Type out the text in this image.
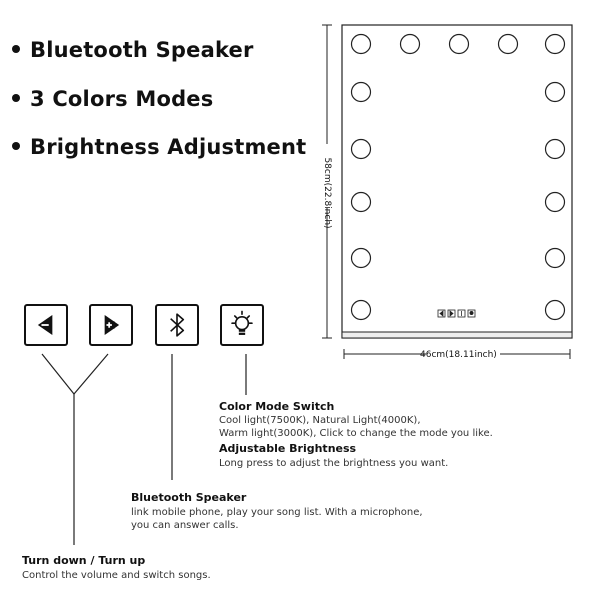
Bluetooth Speaker
3 Colors Modes
Brightness Adjustment
58cm(22.8inch)
46cm(18.11inch)
Color Mode Switch
Cool light(7500K), Natural Light(4000K),
Warm light(3000K), Click to change the mode you like.
Adjustable Brightness
Long press to adjust the brightness you want.
Bluetooth Speaker
link mobile phone, play your song list. With a microphone,
you can answer calls.
Turn down / Turn up
Control the volume and switch songs.
